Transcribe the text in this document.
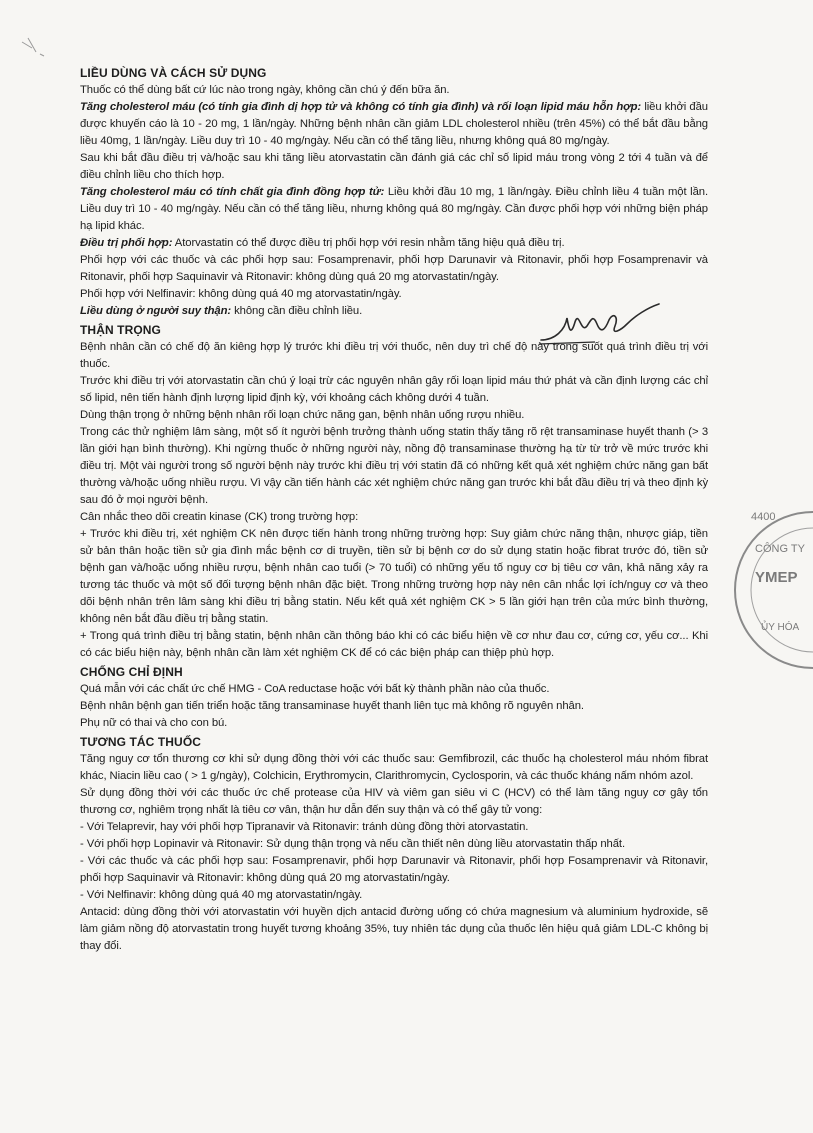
LIỀU DÙNG VÀ CÁCH SỬ DỤNG

Thuốc có thể dùng bất cứ lúc nào trong ngày, không cần chú ý đến bữa ăn.

Tăng cholesterol máu (có tính gia đình dị hợp tử và không có tính gia đình) và rối loạn lipid máu hỗn hợp: liều khởi đầu được khuyến cáo là 10 - 20 mg, 1 lần/ngày. Những bệnh nhân cần giảm LDL cholesterol nhiều (trên 45%) có thể bắt đầu bằng liều 40mg, 1 lần/ngày. Liều duy trì 10 - 40 mg/ngày. Nếu cần có thể tăng liều, nhưng không quá 80 mg/ngày.

Sau khi bắt đầu điều trị và/hoặc sau khi tăng liều atorvastatin cần đánh giá các chỉ số lipid máu trong vòng 2 tới 4 tuần và để điều chỉnh liều cho thích hợp.

Tăng cholesterol máu có tính chất gia đình đồng hợp tử: Liều khởi đầu 10 mg, 1 lần/ngày. Điều chỉnh liều 4 tuần một lần. Liều duy trì 10 - 40 mg/ngày. Nếu cần có thể tăng liều, nhưng không quá 80 mg/ngày. Cần được phối hợp với những biện pháp hạ lipid khác.

Điều trị phối hợp: Atorvastatin có thể được điều trị phối hợp với resin nhằm tăng hiệu quả điều trị.

Phối hợp với các thuốc và các phối hợp sau: Fosamprenavir, phối hợp Darunavir và Ritonavir, phối hợp Fosamprenavir và Ritonavir, phối hợp Saquinavir và Ritonavir: không dùng quá 20 mg atorvastatin/ngày.

Phối hợp với Nelfinavir: không dùng quá 40 mg atorvastatin/ngày.

Liều dùng ở người suy thận: không cần điều chỉnh liều.

THẬN TRỌNG

Bệnh nhân cần có chế độ ăn kiêng hợp lý trước khi điều trị với thuốc, nên duy trì chế độ này trong suốt quá trình điều trị với thuốc.

Trước khi điều trị với atorvastatin cần chú ý loại trừ các nguyên nhân gây rối loạn lipid máu thứ phát và cần định lượng các chỉ số lipid, nên tiến hành định lượng lipid định kỳ, với khoảng cách không dưới 4 tuần.

Dùng thận trọng ở những bệnh nhân rối loạn chức năng gan, bệnh nhân uống rượu nhiều.

Trong các thử nghiệm lâm sàng, một số ít người bệnh trưởng thành uống statin thấy tăng rõ rệt transaminase huyết thanh (> 3 lần giới hạn bình thường). Khi ngừng thuốc ở những người này, nồng độ transaminase thường hạ từ từ trở về mức trước khi điều trị. Một vài người trong số người bệnh này trước khi điều trị với statin đã có những kết quả xét nghiệm chức năng gan bất thường và/hoặc uống nhiều rượu. Vì vậy cần tiến hành các xét nghiệm chức năng gan trước khi bắt đầu điều trị và theo định kỳ sau đó ở mọi người bệnh.

Cân nhắc theo dõi creatin kinase (CK) trong trường hợp:

+ Trước khi điều trị, xét nghiệm CK nên được tiến hành trong những trường hợp: Suy giảm chức năng thận, nhược giáp, tiền sử bản thân hoặc tiền sử gia đình mắc bệnh cơ di truyền, tiền sử bị bệnh cơ do sử dụng statin hoặc fibrat trước đó, tiền sử bệnh gan và/hoặc uống nhiều rượu, bệnh nhân cao tuổi (> 70 tuổi) có những yếu tố nguy cơ bị tiêu cơ vân, khả năng xảy ra tương tác thuốc và một số đối tượng bệnh nhân đặc biệt. Trong những trường hợp này nên cân nhắc lợi ích/nguy cơ và theo dõi bệnh nhân trên lâm sàng khi điều trị bằng statin. Nếu kết quả xét nghiệm CK > 5 lần giới hạn trên của mức bình thường, không nên bắt đầu điều trị bằng statin.

+ Trong quá trình điều trị bằng statin, bệnh nhân cần thông báo khi có các biểu hiện về cơ như đau cơ, cứng cơ, yếu cơ... Khi có các biểu hiện này, bệnh nhân cần làm xét nghiệm CK để có các biện pháp can thiệp phù hợp.

CHỐNG CHỈ ĐỊNH

Quá mẫn với các chất ức chế HMG - CoA reductase hoặc với bất kỳ thành phần nào của thuốc.

Bệnh nhân bệnh gan tiến triển hoặc tăng transaminase huyết thanh liên tục mà không rõ nguyên nhân.

Phụ nữ có thai và cho con bú.

TƯƠNG TÁC THUỐC

Tăng nguy cơ tổn thương cơ khi sử dụng đồng thời với các thuốc sau: Gemfibrozil, các thuốc hạ cholesterol máu nhóm fibrat khác, Niacin liều cao ( > 1 g/ngày), Colchicin, Erythromycin, Clarithromycin, Cyclosporin, và các thuốc kháng nấm nhóm azol.

Sử dụng đồng thời với các thuốc ức chế protease của HIV và viêm gan siêu vi C (HCV) có thể làm tăng nguy cơ gây tổn thương cơ, nghiêm trọng nhất là tiêu cơ vân, thận hư dẫn đến suy thận và có thể gây tử vong:

- Với Telaprevir, hay với phối hợp Tipranavir và Ritonavir: tránh dùng đồng thời atorvastatin.

- Với phối hợp Lopinavir và Ritonavir: Sử dụng thận trọng và nếu cần thiết nên dùng liều atorvastatin thấp nhất.

- Với các thuốc và các phối hợp sau: Fosamprenavir, phối hợp Darunavir và Ritonavir, phối hợp Fosamprenavir và Ritonavir, phối hợp Saquinavir và Ritonavir: không dùng quá 20 mg atorvastatin/ngày.

- Với Nelfinavir: không dùng quá 40 mg atorvastatin/ngày.

Antacid: dùng đồng thời với atorvastatin với huyền dịch antacid đường uống có chứa magnesium và aluminium hydroxide, sẽ làm giảm nồng độ atorvastatin trong huyết tương khoảng 35%, tuy nhiên tác dụng của thuốc lên hiệu quả giảm LDL-C không bị thay đổi.

4400
CÔNG TY
YMEP
ỦY HÓA
